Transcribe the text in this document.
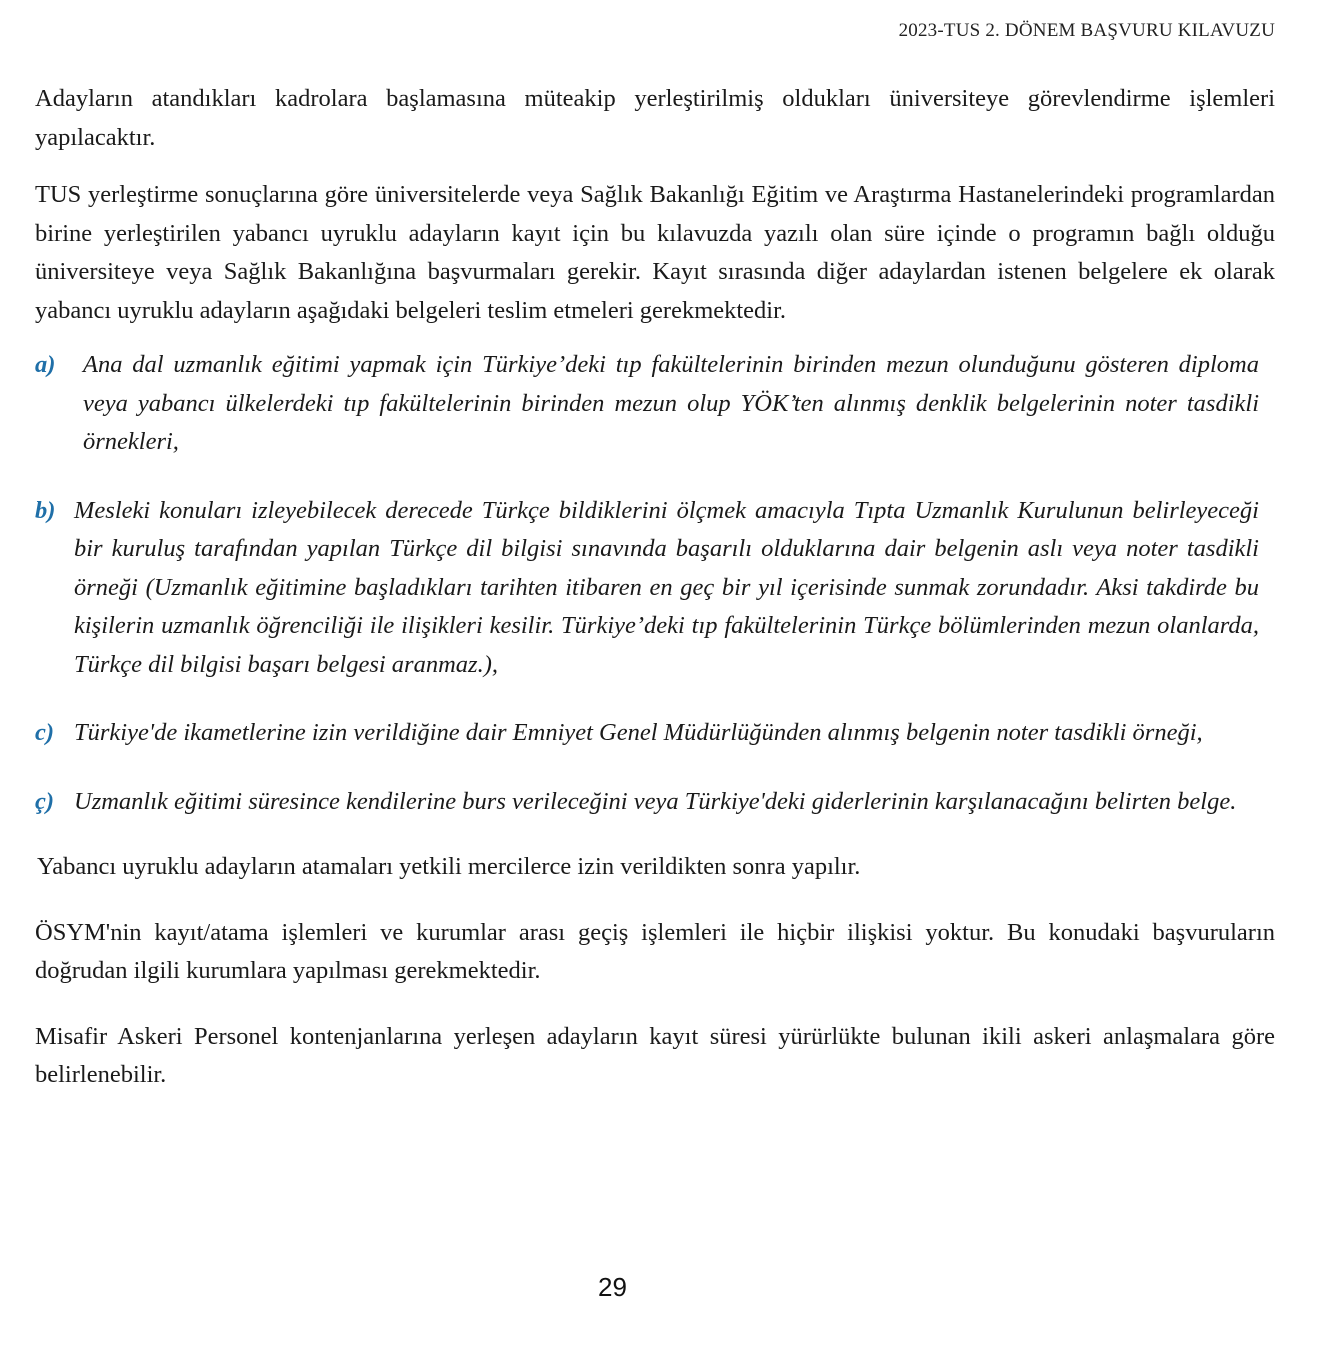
2023-TUS 2. DÖNEM BAŞVURU KILAVUZU

Adayların atandıkları kadrolara başlamasına müteakip yerleştirilmiş oldukları üniversiteye görevlendirme işlemleri yapılacaktır.

TUS yerleştirme sonuçlarına göre üniversitelerde veya Sağlık Bakanlığı Eğitim ve Araştırma Hastanelerindeki programlardan birine yerleştirilen yabancı uyruklu adayların kayıt için bu kılavuzda yazılı olan süre içinde o programın bağlı olduğu üniversiteye veya Sağlık Bakanlığına başvurmaları gerekir. Kayıt sırasında diğer adaylardan istenen belgelere ek olarak yabancı uyruklu adayların aşağıdaki belgeleri teslim etmeleri gerekmektedir.

a) Ana dal uzmanlık eğitimi yapmak için Türkiye’deki tıp fakültelerinin birinden mezun olunduğunu gösteren diploma veya yabancı ülkelerdeki tıp fakültelerinin birinden mezun olup YÖK’ten alınmış denklik belgelerinin noter tasdikli örnekleri,
b) Mesleki konuları izleyebilecek derecede Türkçe bildiklerini ölçmek amacıyla Tıpta Uzmanlık Kurulunun belirleyeceği bir kuruluş tarafından yapılan Türkçe dil bilgisi sınavında başarılı olduklarına dair belgenin aslı veya noter tasdikli örneği (Uzmanlık eğitimine başladıkları tarihten itibaren en geç bir yıl içerisinde sunmak zorundadır. Aksi takdirde bu kişilerin uzmanlık öğrenciliği ile ilişikleri kesilir. Türkiye’deki tıp fakültelerinin Türkçe bölümlerinden mezun olanlarda, Türkçe dil bilgisi başarı belgesi aranmaz.),
c) Türkiye'de ikametlerine izin verildiğine dair Emniyet Genel Müdürlüğünden alınmış belgenin noter tasdikli örneği,
ç) Uzmanlık eğitimi süresince kendilerine burs verileceğini veya Türkiye'deki giderlerinin karşılanacağını belirten belge.

Yabancı uyruklu adayların atamaları yetkili mercilerce izin verildikten sonra yapılır.

ÖSYM'nin kayıt/atama işlemleri ve kurumlar arası geçiş işlemleri ile hiçbir ilişkisi yoktur. Bu konudaki başvuruların doğrudan ilgili kurumlara yapılması gerekmektedir.

Misafir Askeri Personel kontenjanlarına yerleşen adayların kayıt süresi yürürlükte bulunan ikili askeri anlaşmalara göre belirlenebilir.

29
